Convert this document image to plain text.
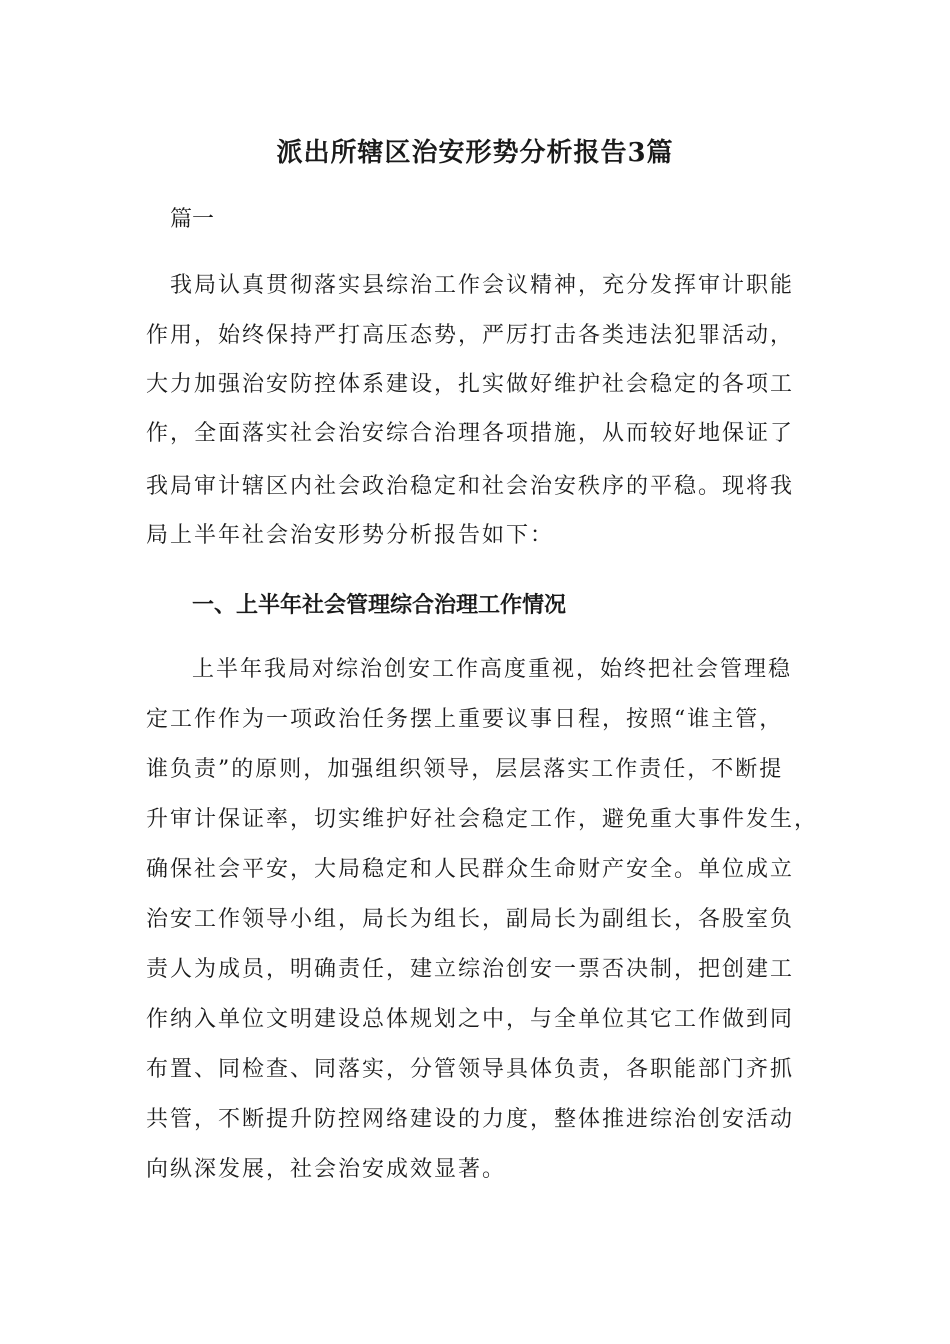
派出所辖区治安形势分析报告3篇
篇一
我局认真贯彻落实县综治工作会议精神，充分发挥审计职能
作用，始终保持严打高压态势，严厉打击各类违法犯罪活动，
大力加强治安防控体系建设，扎实做好维护社会稳定的各项工
作，全面落实社会治安综合治理各项措施，从而较好地保证了
我局审计辖区内社会政治稳定和社会治安秩序的平稳。现将我
局上半年社会治安形势分析报告如下：
一、上半年社会管理综合治理工作情况
上半年我局对综治创安工作高度重视，始终把社会管理稳
定工作作为一项政治任务摆上重要议事日程，按照“谁主管，
谁负责”的原则，加强组织领导，层层落实工作责任，不断提
升审计保证率，切实维护好社会稳定工作，避免重大事件发生，
确保社会平安，大局稳定和人民群众生命财产安全。单位成立
治安工作领导小组，局长为组长，副局长为副组长，各股室负
责人为成员，明确责任，建立综治创安一票否决制，把创建工
作纳入单位文明建设总体规划之中，与全单位其它工作做到同
布置、同检查、同落实，分管领导具体负责，各职能部门齐抓
共管，不断提升防控网络建设的力度，整体推进综治创安活动
向纵深发展，社会治安成效显著。
